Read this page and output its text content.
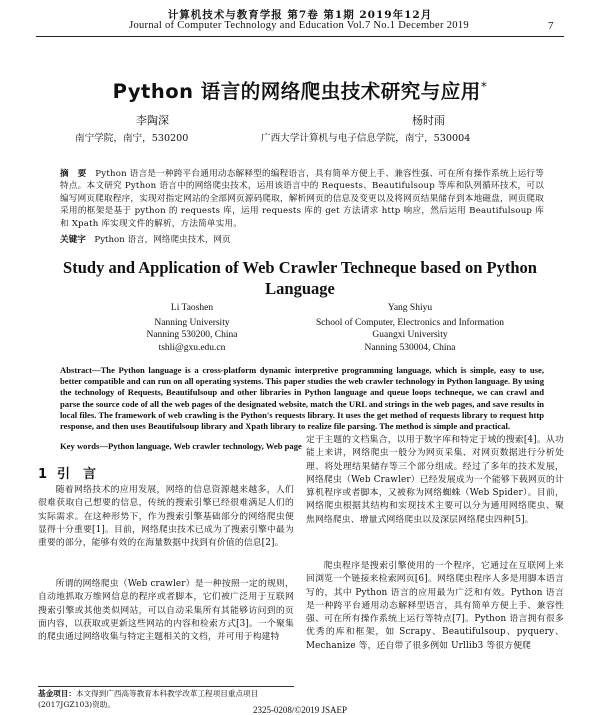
计算机技术与教育学报 第7卷 第1期 2019年12月
Journal of Computer Technology and Education Vol.7 No.1 December 2019	7
Python 语言的网络爬虫技术研究与应用*
李陶深	杨时雨
南宁学院，南宁，530200	广西大学计算机与电子信息学院，南宁，530004
摘　要　 Python 语言是一种跨平台通用动态解释型的编程语言，具有简单方便上手、兼容性强、可在所有操作系统上运行等特点。本文研究 Python 语言中的网络爬虫技术，运用该语言中的 Requests、Beautifulsoup 等库和队列循环技术，可以编写网页爬取程序，实现对指定网站的全部网页源码爬取，解析网页的信息及变更以及将网页结果储存到本地磁盘，网页爬取采用的框架是基于 python 的 requests 库，运用 requests 库的 get 方法请求 http 响应，然后运用 Beautifulsoup 库和 Xpath 库实现文件的解析，方法简单实用。
关键字　 Python 语言，网络爬虫技术，网页
Study and Application of Web Crawler Techneque based on Python Language
Li Taoshen
Nanning University
Nanning 530200, China
tshli@gxu.edu.cn
Yang Shiyu
School of Computer, Electronics and Information
Guangxi University
Nanning 530004, China
Abstract—The Python language is a cross-platform dynamic interpretive programming language, which is simple, easy to use, better compatible and can run on all operating systems. This paper studies the web crawler technology in Python language. By using the technology of Requests, Beautifulsoup and other libraries in Python language and queue loops techneque, we can crawl and parse the source code of all the web pages of the designated website, match the URL and strings in the web pages, and save results in local files. The framework of web crawling is the Python's requests library. It uses the get method of requests library to request http response, and then uses Beautifulsoup library and Xpath library to realize file parsing. The method is simple and practical.
Key words—Python language, Web crawler technology, Web page
1 引　言

随着网络技术的应用发展，网络的信息资源越来越多，人们很难获取自己想要的信息，传统的搜索引擎已经很难满足人们的实际需求。在这种形势下，作为搜索引擎基础部分的网络爬虫便显得十分重要[1]。目前，网络爬虫技术已成为了搜索引擎中最为重要的部分，能够有效的在海量数据中找到有价值的信息[2]。

所谓的网络爬虫（Web crawler）是一种按照一定的规则，自动地抓取万维网信息的程序或者脚本，它们被广泛用于互联网搜索引擎或其他类似网站，可以自动采集所有其能够访问到的页面内容，以获取或更新这些网站的内容和检索方式[3]。一个聚集的爬虫通过网络收集与特定主题相关的文档，并可用于构建特

定于主题的文档集合，以用于数字库和特定于域的搜索[4]。从功能上来讲，网络爬虫一般分为网页采集、对网页数据进行分析处理、将处理结果储存等三个部分组成。经过了多年的技术发展，网络爬虫（Web Crawler）已经发展成为一个能够下载网页的计算机程序或者脚本，又被称为网络蜘蛛（Web Spider）。目前，网络爬虫根据其结构和实现技术主要可以分为通用网络爬虫、聚焦网络爬虫、增量式网络爬虫以及深层网络爬虫四种[5]。

爬虫程序是搜索引擎使用的一个程序，它通过在互联网上来回浏览一个链接来检索网页[6]。网络爬虫程序人多是用脚本语言写的，其中 Python 语言的应用最为广泛和有效。Python 语言是一种跨平台通用动态解释型语言，具有简单方便上手、兼容性强、可在所有操作系统上运行等特点[7]。Python 语言拥有很多优秀的库和框架，如 Scrapy、Beautifulsoup、pyquery、Mechanize 等，还自带了很多例如 Urllib3 等很方便爬

基金项目：本文得到广西高等教育本科教学改革工程项目重点项目(2017JGZ103)资助。
2325-0208/©2019 JSAEP
